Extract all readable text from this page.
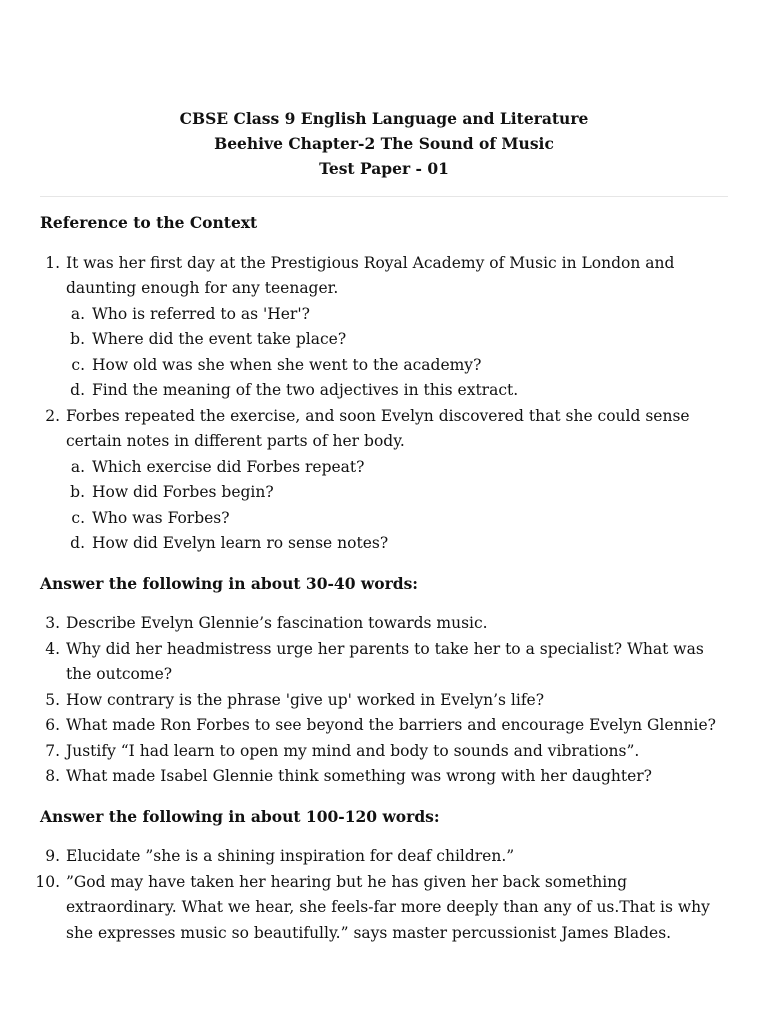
CBSE Class 9 English Language and Literature
Beehive Chapter-2 The Sound of Music
Test Paper - 01
Reference to the Context
1. It was her first day at the Prestigious Royal Academy of Music in London and daunting enough for any teenager.
a. Who is referred to as 'Her'?
b. Where did the event take place?
c. How old was she when she went to the academy?
d. Find the meaning of the two adjectives in this extract.
2. Forbes repeated the exercise, and soon Evelyn discovered that she could sense certain notes in different parts of her body.
a. Which exercise did Forbes repeat?
b. How did Forbes begin?
c. Who was Forbes?
d. How did Evelyn learn ro sense notes?
Answer the following in about 30-40 words:
3. Describe Evelyn Glennie’s fascination towards music.
4. Why did her headmistress urge her parents to take her to a specialist? What was the outcome?
5. How contrary is the phrase 'give up' worked in Evelyn’s life?
6. What made Ron Forbes to see beyond the barriers and encourage Evelyn Glennie?
7. Justify “I had learn to open my mind and body to sounds and vibrations”.
8. What made Isabel Glennie think something was wrong with her daughter?
Answer the following in about 100-120 words:
9. Elucidate ”she is a shining inspiration for deaf children.”
10. ”God may have taken her hearing but he has given her back something extraordinary. What we hear, she feels-far more deeply than any of us.That is why she expresses music so beautifully.” says master percussionist James Blades.
